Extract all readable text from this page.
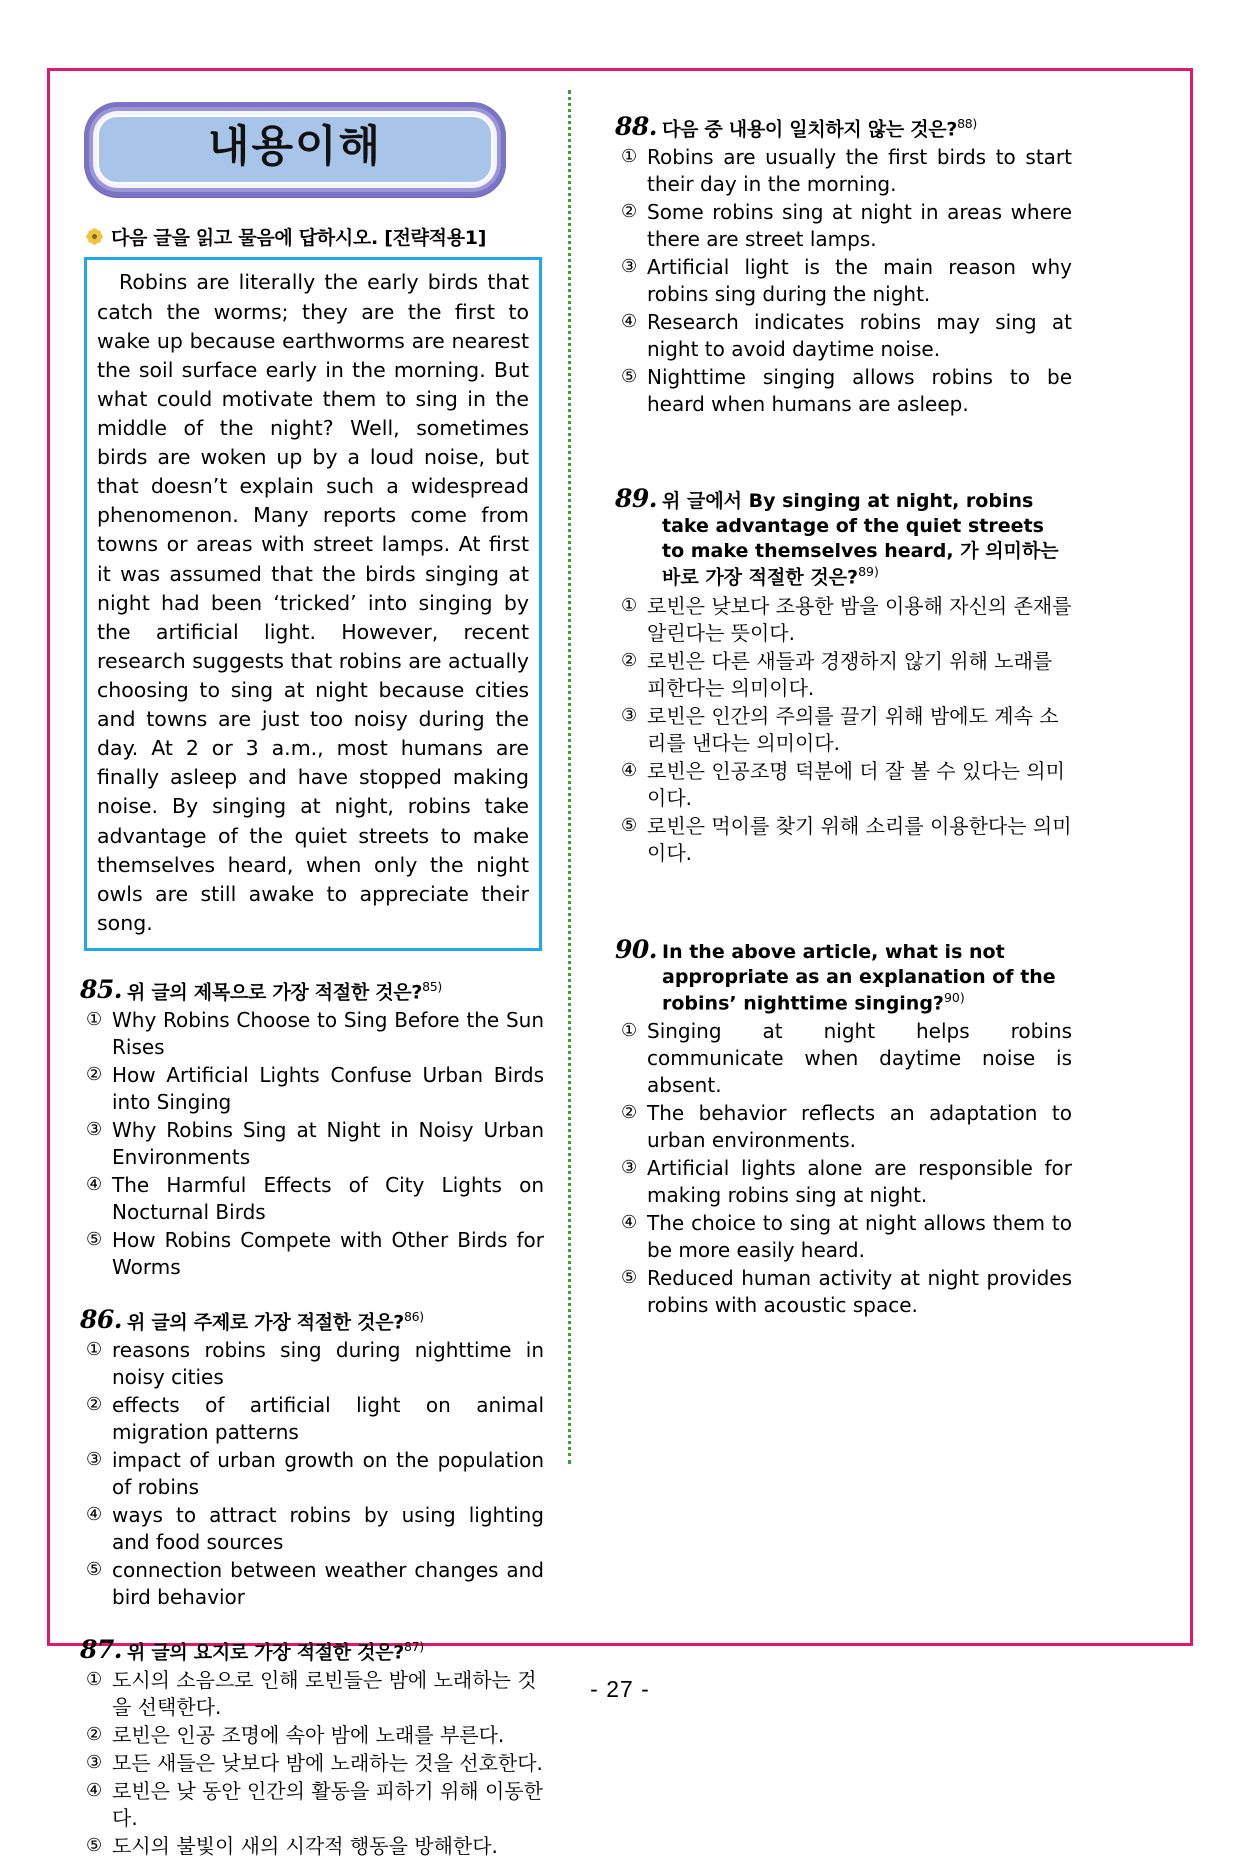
내용이해
다음 글을 읽고 물음에 답하시오. [전략적용1]
Robins are literally the early birds that catch the worms; they are the first to wake up because earthworms are nearest the soil surface early in the morning. But what could motivate them to sing in the middle of the night? Well, sometimes birds are woken up by a loud noise, but that doesn’t explain such a widespread phenomenon. Many reports come from towns or areas with street lamps. At first it was assumed that the birds singing at night had been ‘tricked’ into singing by the artificial light. However, recent research suggests that robins are actually choosing to sing at night because cities and towns are just too noisy during the day. At 2 or 3 a.m., most humans are finally asleep and have stopped making noise. By singing at night, robins take advantage of the quiet streets to make themselves heard, when only the night owls are still awake to appreciate their song.
85. 위 글의 제목으로 가장 적절한 것은?$^{85)}$
① Why Robins Choose to Sing Before the Sun Rises
② How Artificial Lights Confuse Urban Birds into Singing
③ Why Robins Sing at Night in Noisy Urban Environments
④ The Harmful Effects of City Lights on Nocturnal Birds
⑤ How Robins Compete with Other Birds for Worms
86. 위 글의 주제로 가장 적절한 것은?$^{86)}$
① reasons robins sing during nighttime in noisy cities
② effects of artificial light on animal migration patterns
③ impact of urban growth on the population of robins
④ ways to attract robins by using lighting and food sources
⑤ connection between weather changes and bird behavior
87. 위 글의 요지로 가장 적절한 것은?$^{87)}$
① 도시의 소음으로 인해 로빈들은 밤에 노래하는 것을 선택한다.
② 로빈은 인공 조명에 속아 밤에 노래를 부른다.
③ 모든 새들은 낮보다 밤에 노래하는 것을 선호한다.
④ 로빈은 낮 동안 인간의 활동을 피하기 위해 이동한다.
⑤ 도시의 불빛이 새의 시각적 행동을 방해한다.
88. 다음 중 내용이 일치하지 않는 것은?$^{88)}$
① Robins are usually the first birds to start their day in the morning.
② Some robins sing at night in areas where there are street lamps.
③ Artificial light is the main reason why robins sing during the night.
④ Research indicates robins may sing at night to avoid daytime noise.
⑤ Nighttime singing allows robins to be heard when humans are asleep.
89. 위 글에서 By singing at night, robins take advantage of the quiet streets to make themselves heard, 가 의미하는 바로 가장 적절한 것은?$^{89)}$
① 로빈은 낮보다 조용한 밤을 이용해 자신의 존재를 알린다는 뜻이다.
② 로빈은 다른 새들과 경쟁하지 않기 위해 노래를 피한다는 의미이다.
③ 로빈은 인간의 주의를 끌기 위해 밤에도 계속 소리를 낸다는 의미이다.
④ 로빈은 인공조명 덕분에 더 잘 볼 수 있다는 의미이다.
⑤ 로빈은 먹이를 찾기 위해 소리를 이용한다는 의미이다.
90. In the above article, what is not appropriate as an explanation of the robins’ nighttime singing?$^{90)}$
① Singing at night helps robins communicate when daytime noise is absent.
② The behavior reflects an adaptation to urban environments.
③ Artificial lights alone are responsible for making robins sing at night.
④ The choice to sing at night allows them to be more easily heard.
⑤ Reduced human activity at night provides robins with acoustic space.
- 27 -
